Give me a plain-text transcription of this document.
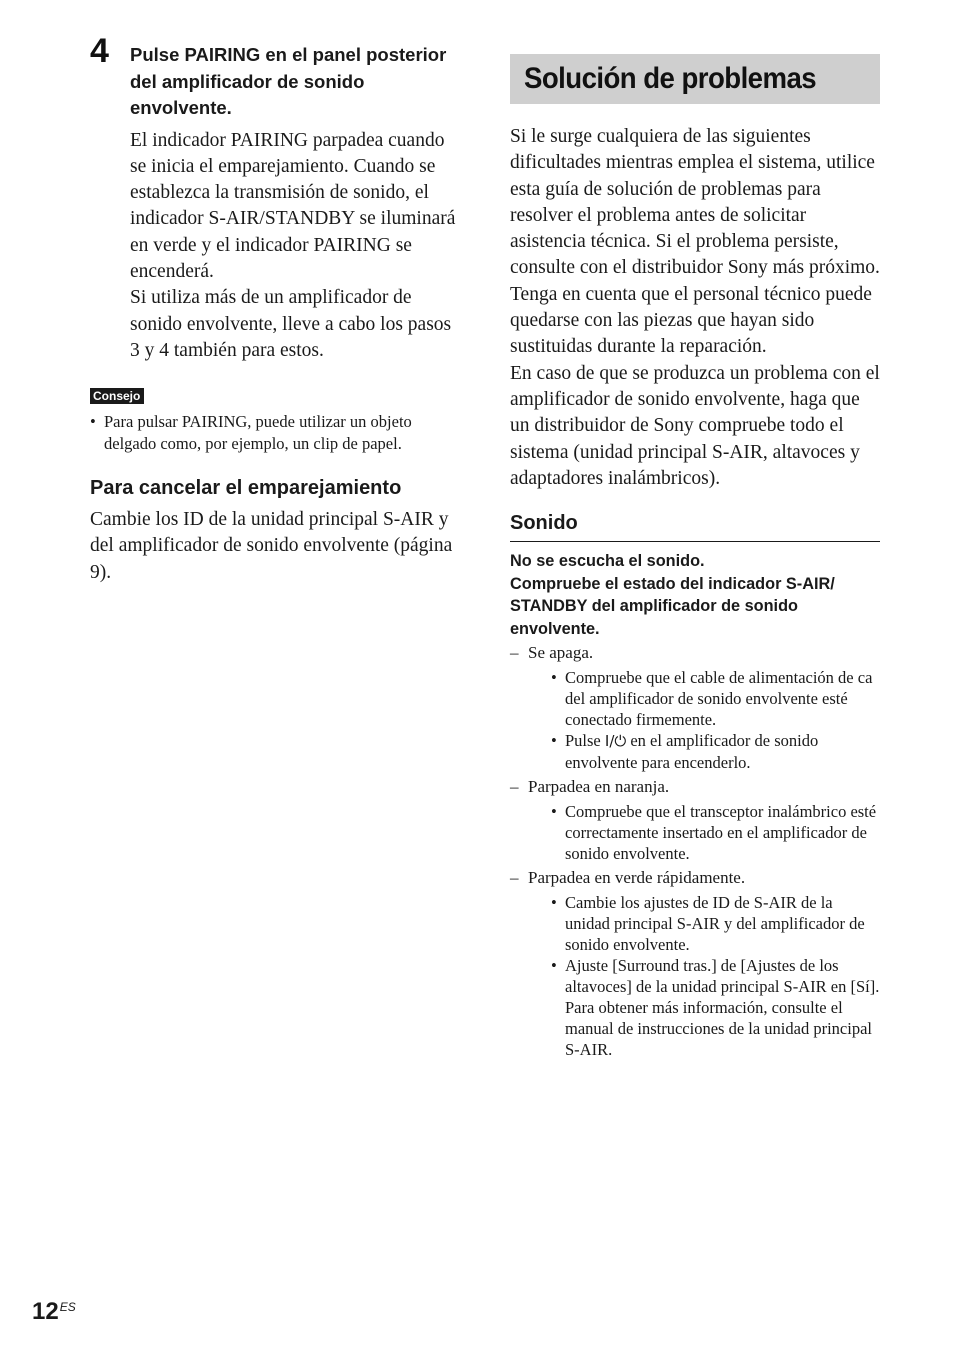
4 Pulse PAIRING en el panel posterior del amplificador de sonido envolvente.

El indicador PAIRING parpadea cuando se inicia el emparejamiento. Cuando se establezca la transmisión de sonido, el indicador S-AIR/STANDBY se iluminará en verde y el indicador PAIRING se encenderá.

Si utiliza más de un amplificador de sonido envolvente, lleve a cabo los pasos 3 y 4 también para estos.

Consejo
• Para pulsar PAIRING, puede utilizar un objeto delgado como, por ejemplo, un clip de papel.
Para cancelar el emparejamiento

Cambie los ID de la unidad principal S-AIR y del amplificador de sonido envolvente (página 9).

Solución de problemas

Si le surge cualquiera de las siguientes dificultades mientras emplea el sistema, utilice esta guía de solución de problemas para resolver el problema antes de solicitar asistencia técnica. Si el problema persiste, consulte con el distribuidor Sony más próximo.

Tenga en cuenta que el personal técnico puede quedarse con las piezas que hayan sido sustituidas durante la reparación.

En caso de que se produzca un problema con el amplificador de sonido envolvente, haga que un distribuidor de Sony compruebe todo el sistema (unidad principal S-AIR, altavoces y adaptadores inalámbricos).

Sonido
No se escucha el sonido.
Compruebe el estado del indicador S-AIR/ STANDBY del amplificador de sonido envolvente.
– Se apaga.
• Compruebe que el cable de alimentación de ca del amplificador de sonido envolvente esté conectado firmemente.
• Pulse I/⏻ en el amplificador de sonido envolvente para encenderlo.
– Parpadea en naranja.
• Compruebe que el transceptor inalámbrico esté correctamente insertado en el amplificador de sonido envolvente.
– Parpadea en verde rápidamente.
• Cambie los ajustes de ID de S-AIR de la unidad principal S-AIR y del amplificador de sonido envolvente.
• Ajuste [Surround tras.] de [Ajustes de los altavoces] de la unidad principal S-AIR en [Sí]. Para obtener más información, consulte el manual de instrucciones de la unidad principal S-AIR.
$12^{ES}$
